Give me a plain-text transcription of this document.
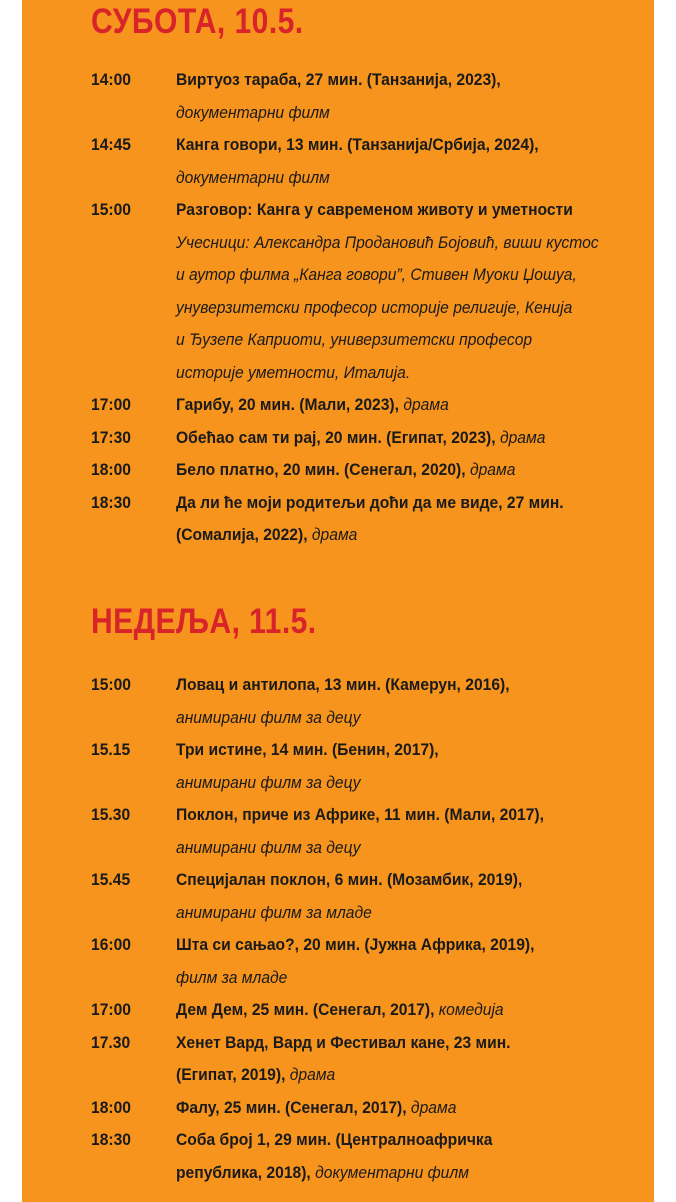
СУБОТА, 10.5.
14:00	Виртуоз тараба, 27 мин. (Танзанија, 2023),
документарни филм
14:45	Канга говори, 13 мин. (Танзанија/Србија, 2024),
документарни филм
15:00	Разговор: Канга у савременом животу и уметности
Учесници: Александра Продановић Бојовић, виши кустос
и аутор филма „Канга говори”, Стивен Муоки Џошуа,
унуверзитетски професор историје религије, Кенија
и Ђузепе Каприоти, универзитетски професор
историје уметности, Италија.
17:00	Гарибу, 20 мин. (Мали, 2023), драма
17:30	Обећао сам ти рај, 20 мин. (Египат, 2023), драма
18:00	Бело платно, 20 мин. (Сенегал, 2020), драма
18:30	Да ли ће моји родитељи доћи да ме виде, 27 мин.
(Сомалија, 2022), драма
НЕДЕЉА, 11.5.
15:00	Ловац и антилопа, 13 мин. (Камерун, 2016),
анимирани филм за децу
15.15	Три истине, 14 мин. (Бенин, 2017),
анимирани филм за децу
15.30	Поклон, приче из Африке, 11 мин. (Мали, 2017),
анимирани филм за децу
15.45	Специјалан поклон, 6 мин. (Мозамбик, 2019),
анимирани филм за младе
16:00	Шта си сањао?, 20 мин. (Јужна Африка, 2019),
филм за младе
17:00	Дем Дем, 25 мин. (Сенегал, 2017), комедија
17.30	Хенет Вард, Вард и Фестивал кане, 23 мин.
(Египат, 2019), драма
18:00	Фалу, 25 мин. (Сенегал, 2017), драма
18:30	Соба број 1, 29 мин. (Централноафричка
република, 2018), документарни филм
